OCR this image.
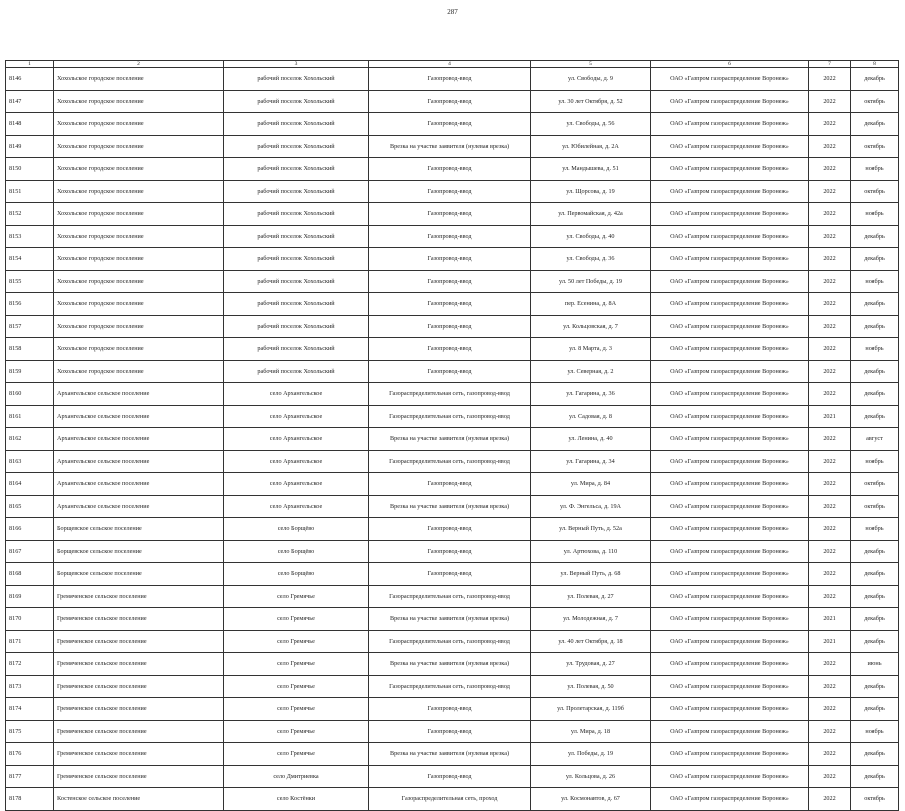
287
1	2	3	4	5	6	7	8
8146	Хохольское городское поселение	рабочий поселок Хохольский	Газопровод-ввод	ул. Свободы, д. 9	ОАО «Газпром газораспределение Воронеж»	2022	декабрь
8147	Хохольское городское поселение	рабочий поселок Хохольский	Газопровод-ввод	ул. 30 лет Октября, д. 52	ОАО «Газпром газораспределение Воронеж»	2022	октябрь
8148	Хохольское городское поселение	рабочий поселок Хохольский	Газопровод-ввод	ул. Свободы, д. 56	ОАО «Газпром газораспределение Воронеж»	2022	декабрь
8149	Хохольское городское поселение	рабочий поселок Хохольский	Врезка на участке заявителя (нулевая врезка)	ул. Юбилейная, д. 2А	ОАО «Газпром газораспределение Воронеж»	2022	октябрь
8150	Хохольское городское поселение	рабочий поселок Хохольский	Газопровод-ввод	ул. Мандышева, д. 51	ОАО «Газпром газораспределение Воронеж»	2022	ноябрь
8151	Хохольское городское поселение	рабочий поселок Хохольский	Газопровод-ввод	ул. Щорсова, д. 19	ОАО «Газпром газораспределение Воронеж»	2022	октябрь
8152	Хохольское городское поселение	рабочий поселок Хохольский	Газопровод-ввод	ул. Первомайская, д. 42а	ОАО «Газпром газораспределение Воронеж»	2022	ноябрь
8153	Хохольское городское поселение	рабочий поселок Хохольский	Газопровод-ввод	ул. Свободы, д. 40	ОАО «Газпром газораспределение Воронеж»	2022	декабрь
8154	Хохольское городское поселение	рабочий поселок Хохольский	Газопровод-ввод	ул. Свободы, д. 36	ОАО «Газпром газораспределение Воронеж»	2022	декабрь
8155	Хохольское городское поселение	рабочий поселок Хохольский	Газопровод-ввод	ул. 50 лет Победы, д. 19	ОАО «Газпром газораспределение Воронеж»	2022	ноябрь
8156	Хохольское городское поселение	рабочий поселок Хохольский	Газопровод-ввод	пер. Есенина, д. 8А	ОАО «Газпром газораспределение Воронеж»	2022	декабрь
8157	Хохольское городское поселение	рабочий поселок Хохольский	Газопровод-ввод	ул. Кольцовская, д. 7	ОАО «Газпром газораспределение Воронеж»	2022	декабрь
8158	Хохольское городское поселение	рабочий поселок Хохольский	Газопровод-ввод	ул. 8 Марта, д. 3	ОАО «Газпром газораспределение Воронеж»	2022	ноябрь
8159	Хохольское городское поселение	рабочий поселок Хохольский	Газопровод-ввод	ул. Северная, д. 2	ОАО «Газпром газораспределение Воронеж»	2022	декабрь
8160	Архангельское сельское поселение	село Архангельское	Газораспределительная сеть, газопровод-ввод	ул. Гагарина, д. 36	ОАО «Газпром газораспределение Воронеж»	2022	декабрь
8161	Архангельское сельское поселение	село Архангельское	Газораспределительная сеть, газопровод-ввод	ул. Садовая, д. 8	ОАО «Газпром газораспределение Воронеж»	2021	декабрь
8162	Архангельское сельское поселение	село Архангельское	Врезка на участке заявителя (нулевая врезка)	ул. Ленина, д. 40	ОАО «Газпром газораспределение Воронеж»	2022	август
8163	Архангельское сельское поселение	село Архангельское	Газораспределительная сеть, газопровод-ввод	ул. Гагарина, д. 34	ОАО «Газпром газораспределение Воронеж»	2022	ноябрь
8164	Архангельское сельское поселение	село Архангельское	Газопровод-ввод	ул. Мира, д. 84	ОАО «Газпром газораспределение Воронеж»	2022	октябрь
8165	Архангельское сельское поселение	село Архангельское	Врезка на участке заявителя (нулевая врезка)	ул. Ф. Энгельса, д. 19А	ОАО «Газпром газораспределение Воронеж»	2022	октябрь
8166	Борщевское сельское поселение	село Борщёво	Газопровод-ввод	ул. Верный Путь, д. 52а	ОАО «Газпром газораспределение Воронеж»	2022	ноябрь
8167	Борщевское сельское поселение	село Борщёво	Газопровод-ввод	ул. Артюхова, д. 110	ОАО «Газпром газораспределение Воронеж»	2022	декабрь
8168	Борщевское сельское поселение	село Борщёво	Газопровод-ввод	ул. Верный Путь, д. 68	ОАО «Газпром газораспределение Воронеж»	2022	декабрь
8169	Гремяченское сельское поселение	село Гремячье	Газораспределительная сеть, газопровод-ввод	ул. Полевая, д. 27	ОАО «Газпром газораспределение Воронеж»	2022	декабрь
8170	Гремяченское сельское поселение	село Гремячье	Врезка на участке заявителя (нулевая врезка)	ул. Молодежная, д. 7	ОАО «Газпром газораспределение Воронеж»	2021	декабрь
8171	Гремяченское сельское поселение	село Гремячье	Газораспределительная сеть, газопровод-ввод	ул. 40 лет Октября, д. 18	ОАО «Газпром газораспределение Воронеж»	2021	декабрь
8172	Гремяченское сельское поселение	село Гремячье	Врезка на участке заявителя (нулевая врезка)	ул. Трудовая, д. 27	ОАО «Газпром газораспределение Воронеж»	2022	июнь
8173	Гремяченское сельское поселение	село Гремячье	Газораспределительная сеть, газопровод-ввод	ул. Полевая, д. 50	ОАО «Газпром газораспределение Воронеж»	2022	декабрь
8174	Гремяченское сельское поселение	село Гремячье	Газопровод-ввод	ул. Пролетарская, д. 119б	ОАО «Газпром газораспределение Воронеж»	2022	декабрь
8175	Гремяченское сельское поселение	село Гремячье	Газопровод-ввод	ул. Мира, д. 18	ОАО «Газпром газораспределение Воронеж»	2022	ноябрь
8176	Гремяченское сельское поселение	село Гремячье	Врезка на участке заявителя (нулевая врезка)	ул. Победы, д. 19	ОАО «Газпром газораспределение Воронеж»	2022	декабрь
8177	Гремяченское сельское поселение	село Дмитриевка	Газопровод-ввод	ул. Кольцова, д. 26	ОАО «Газпром газораспределение Воронеж»	2022	декабрь
8178	Костенское сельское поселение	село Костёнки	Газораспределительная сеть, проход	ул. Космонавтов, д. 67	ОАО «Газпром газораспределение Воронеж»	2022	октябрь
